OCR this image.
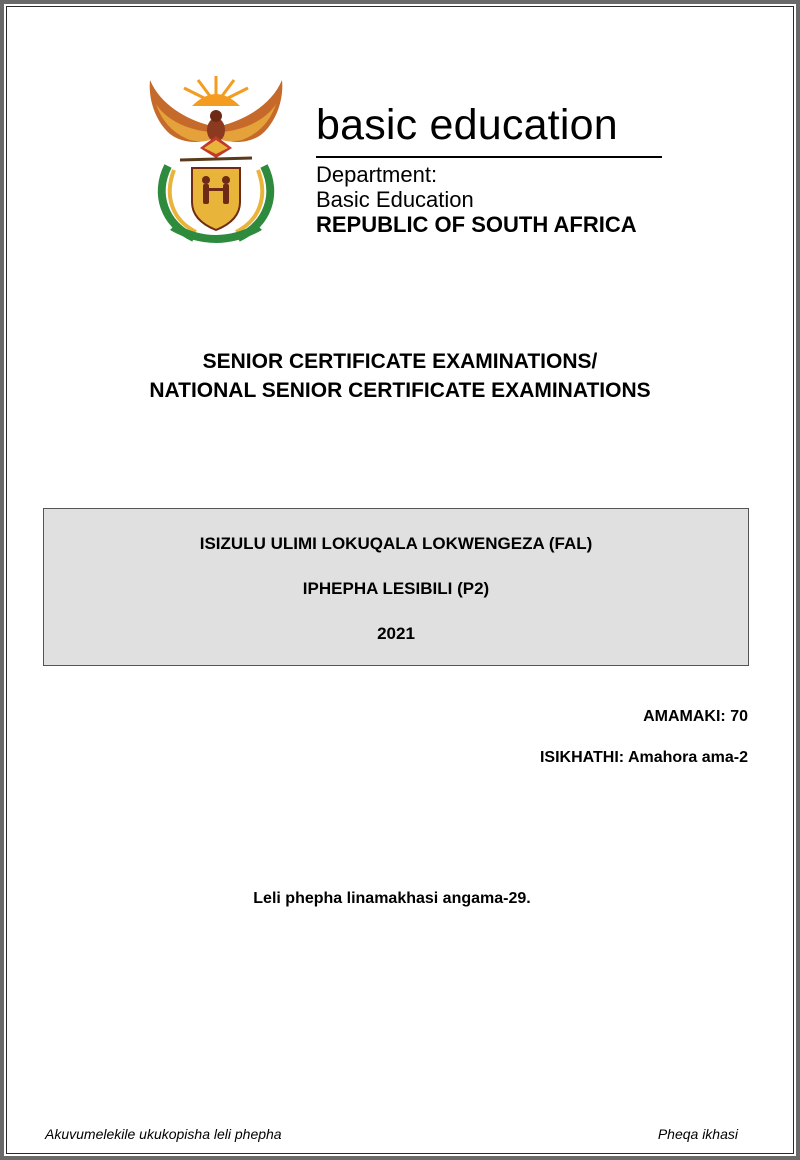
basic education
Department:
Basic Education
REPUBLIC OF SOUTH AFRICA
SENIOR CERTIFICATE EXAMINATIONS/
NATIONAL SENIOR CERTIFICATE EXAMINATIONS
ISIZULU ULIMI LOKUQALA LOKWENGEZA (FAL)
IPHEPHA LESIBILI (P2)
2021
AMAMAKI: 70
ISIKHATHI: Amahora ama-2
Leli phepha linamakhasi angama-29.
Akuvumelekile ukukopisha leli phepha	Pheqa ikhasi
